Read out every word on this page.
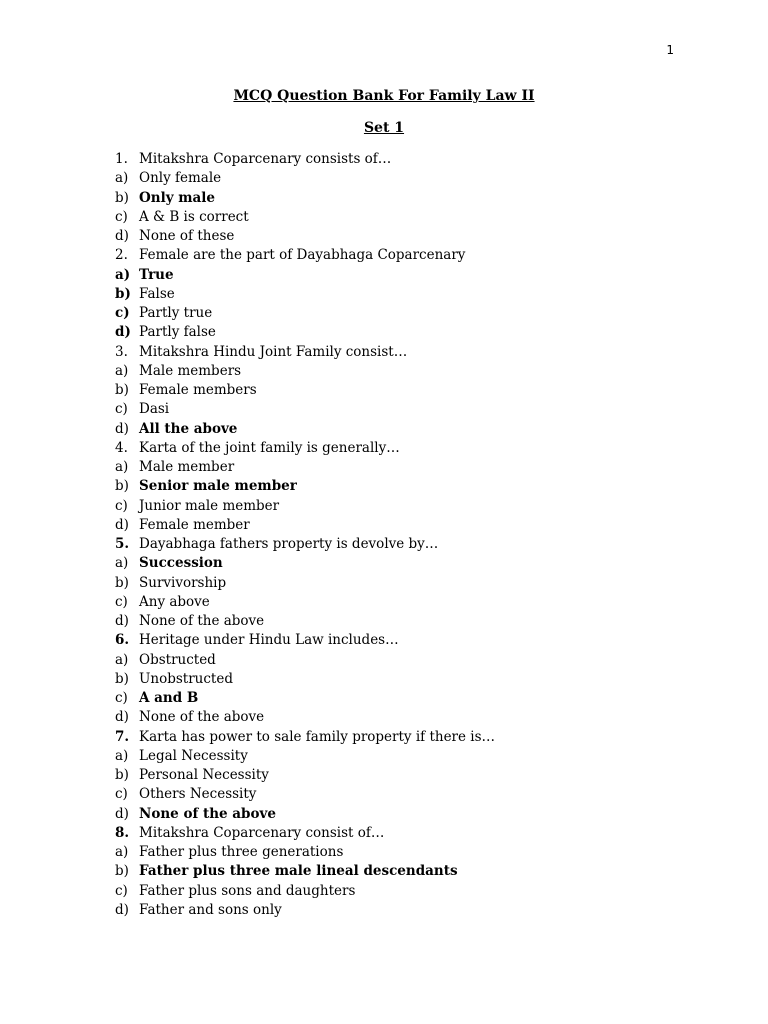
1
MCQ Question Bank For Family Law II
Set 1
1. Mitakshra Coparcenary consists of…
a) Only female
b) Only male
c) A & B is correct
d) None of these
2. Female are the part of Dayabhaga Coparcenary
a) True
b) False
c) Partly true
d) Partly false
3. Mitakshra Hindu Joint Family consist…
a) Male members
b) Female members
c) Dasi
d) All the above
4. Karta of the joint family is generally…
a) Male member
b) Senior male member
c) Junior male member
d) Female member
5. Dayabhaga fathers property is devolve by…
a) Succession
b) Survivorship
c) Any above
d) None of the above
6. Heritage under Hindu Law includes…
a) Obstructed
b) Unobstructed
c) A and B
d) None of the above
7. Karta has power to sale family property if there is…
a) Legal Necessity
b) Personal Necessity
c) Others Necessity
d) None of the above
8. Mitakshra Coparcenary consist of…
a) Father plus three generations
b) Father plus three male lineal descendants
c) Father plus sons and daughters
d) Father and sons only
